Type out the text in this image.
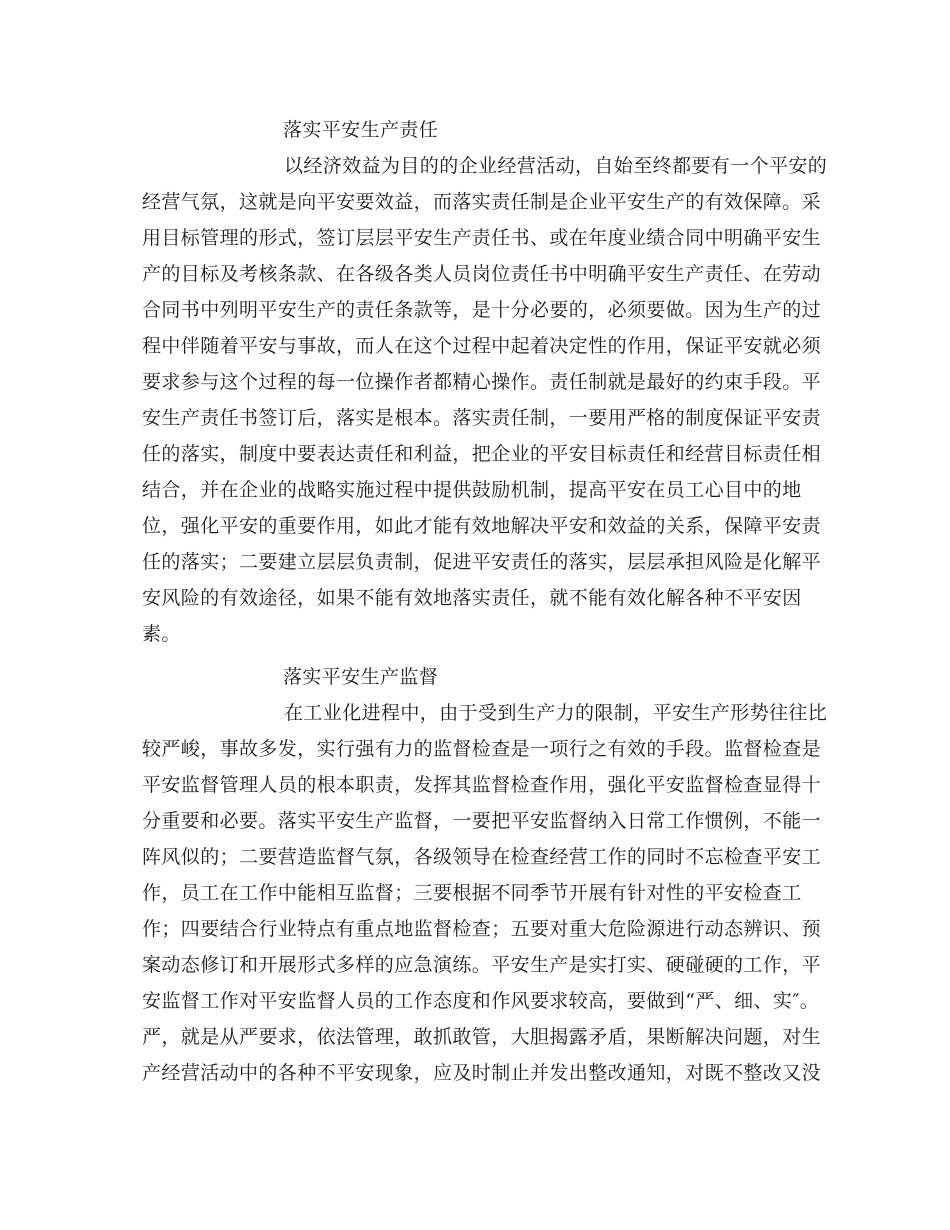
落实平安生产责任
以经济效益为目的的企业经营活动，自始至终都要有一个平安的
经营气氛，这就是向平安要效益，而落实责任制是企业平安生产的有效保障。采
用目标管理的形式，签订层层平安生产责任书、或在年度业绩合同中明确平安生
产的目标及考核条款、在各级各类人员岗位责任书中明确平安生产责任、在劳动
合同书中列明平安生产的责任条款等，是十分必要的，必须要做。因为生产的过
程中伴随着平安与事故，而人在这个过程中起着决定性的作用，保证平安就必须
要求参与这个过程的每一位操作者都精心操作。责任制就是最好的约束手段。平
安生产责任书签订后，落实是根本。落实责任制，一要用严格的制度保证平安责
任的落实，制度中要表达责任和利益，把企业的平安目标责任和经营目标责任相
结合，并在企业的战略实施过程中提供鼓励机制，提高平安在员工心目中的地
位，强化平安的重要作用，如此才能有效地解决平安和效益的关系，保障平安责
任的落实；二要建立层层负责制，促进平安责任的落实，层层承担风险是化解平
安风险的有效途径，如果不能有效地落实责任，就不能有效化解各种不平安因
素。
落实平安生产监督
在工业化进程中，由于受到生产力的限制，平安生产形势往往比
较严峻，事故多发，实行强有力的监督检查是一项行之有效的手段。监督检查是
平安监督管理人员的根本职责，发挥其监督检查作用，强化平安监督检查显得十
分重要和必要。落实平安生产监督，一要把平安监督纳入日常工作惯例，不能一
阵风似的；二要营造监督气氛，各级领导在检查经营工作的同时不忘检查平安工
作，员工在工作中能相互监督；三要根据不同季节开展有针对性的平安检查工
作；四要结合行业特点有重点地监督检查；五要对重大危险源进行动态辨识、预
案动态修订和开展形式多样的应急演练。平安生产是实打实、硬碰硬的工作，平
安监督工作对平安监督人员的工作态度和作风要求较高，要做到“严、细、实″。
严，就是从严要求，依法管理，敢抓敢管，大胆揭露矛盾，果断解决问题，对生
产经营活动中的各种不平安现象，应及时制止并发出整改通知，对既不整改又没
